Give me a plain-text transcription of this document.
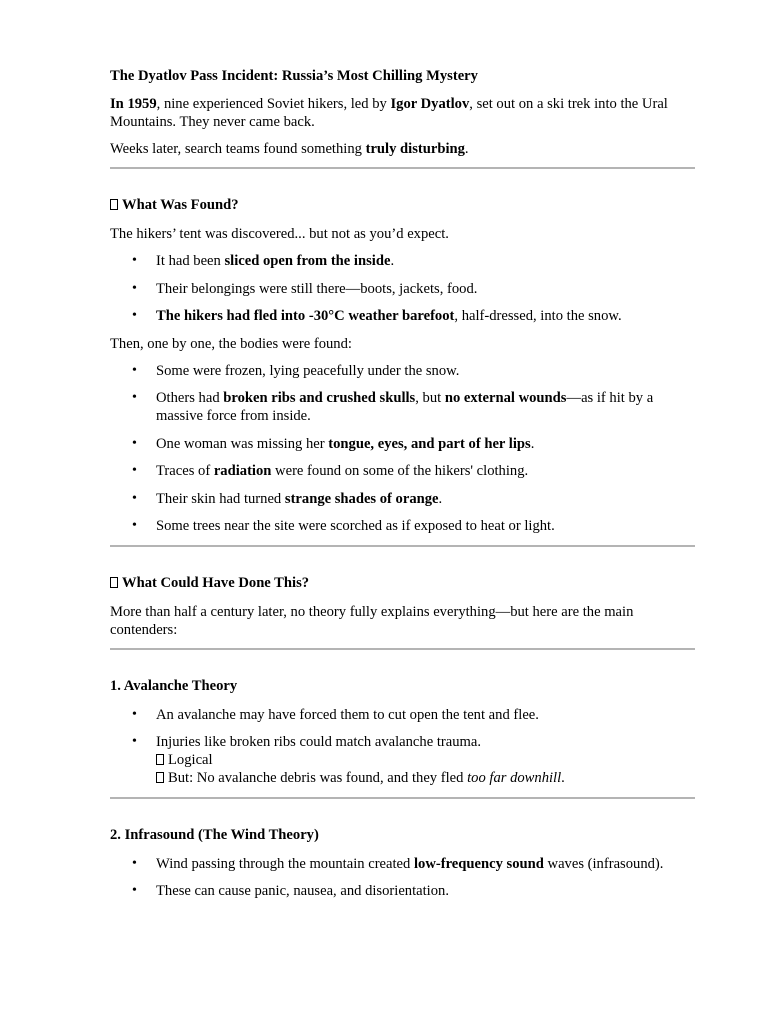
The Dyatlov Pass Incident: Russia’s Most Chilling Mystery

In 1959, nine experienced Soviet hikers, led by Igor Dyatlov, set out on a ski trek into the Ural Mountains. They never came back.

Weeks later, search teams found something truly disturbing.

What Was Found?

The hikers’ tent was discovered... but not as you’d expect.

• It had been sliced open from the inside.
• Their belongings were still there—boots, jackets, food.
• The hikers had fled into -30°C weather barefoot, half-dressed, into the snow.

Then, one by one, the bodies were found:

• Some were frozen, lying peacefully under the snow.
• Others had broken ribs and crushed skulls, but no external wounds—as if hit by a massive force from inside.
• One woman was missing her tongue, eyes, and part of her lips.
• Traces of radiation were found on some of the hikers' clothing.
• Their skin had turned strange shades of orange.
• Some trees near the site were scorched as if exposed to heat or light.
What Could Have Done This?

More than half a century later, no theory fully explains everything—but here are the main contenders:

1. Avalanche Theory
• An avalanche may have forced them to cut open the tent and flee.
• Injuries like broken ribs could match avalanche trauma.
Logical
But: No avalanche debris was found, and they fled too far downhill.
2. Infrasound (The Wind Theory)
• Wind passing through the mountain created low-frequency sound waves (infrasound).
• These can cause panic, nausea, and disorientation.
